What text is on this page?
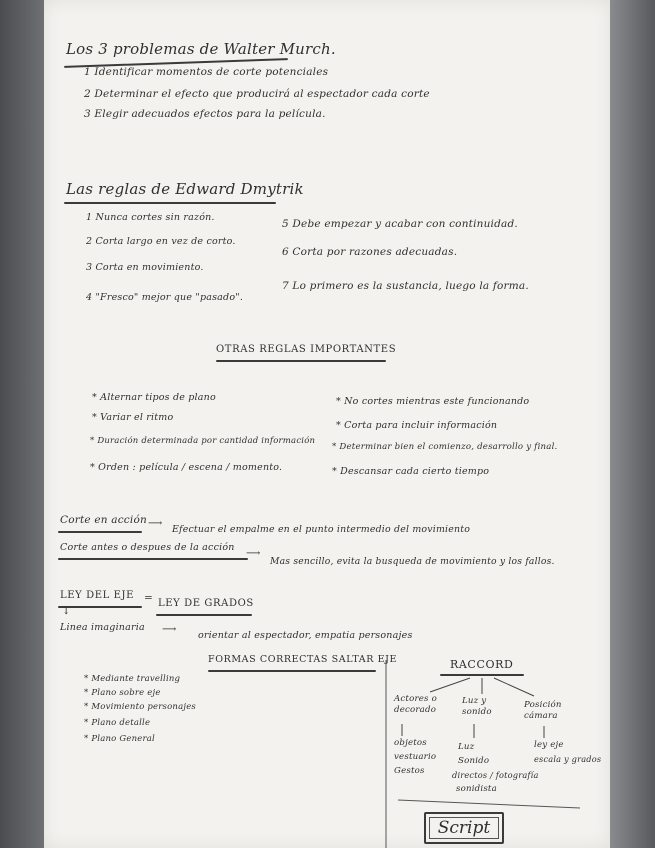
Los 3 problemas de Walter Murch.
1 Identificar momentos de corte potenciales
2 Determinar el efecto que producirá al espectador cada corte
3 Elegir adecuados efectos para la película.
Las reglas de Edward Dmytrik
1 Nunca cortes sin razón.
2 Corta largo en vez de corto.
3 Corta en movimiento.
4 "Fresco" mejor que "pasado".
5 Debe empezar y acabar con continuidad.
6 Corta por razones adecuadas.
7 Lo primero es la sustancia, luego la forma.
OTRAS REGLAS IMPORTANTES
* Alternar tipos de plano
* Variar el ritmo
* Duración determinada por cantidad información
* Orden : película / escena / momento.
* No cortes mientras este funcionando
* Corta para incluir información
* Determinar bien el comienzo, desarrollo y final.
* Descansar cada cierto tiempo
Corte en acción ⟶
Efectuar el empalme en el punto intermedio del movimiento
Corte antes o despues de la acción
⟶
Mas sencillo, evita la busqueda de movimiento y los fallos.
LEY DEL EJE = LEY DE GRADOS
↓
Linea imaginaria ⟶
orientar al espectador, empatia personajes
FORMAS CORRECTAS SALTAR EJE
* Mediante travelling
* Plano sobre eje
* Movimiento personajes
* Plano detalle
* Plano General
RACCORD
Actores o decorado
objetos
vestuario
Gestos
Luz y sonido
Luz
Sonido
directos / fotografía
sonidista
Posición cámara
ley eje
escala y grados
Script
